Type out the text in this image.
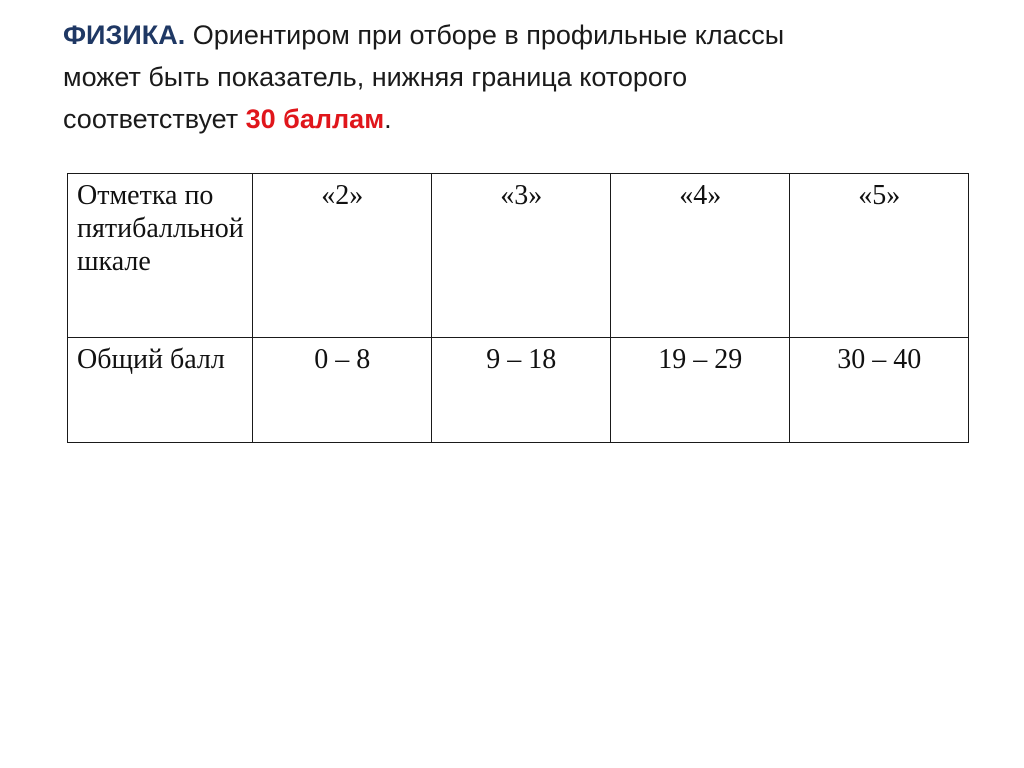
ФИЗИКА. Ориентиром при отборе в профильные классы
может быть показатель, нижняя граница которого
соответствует 30 баллам.
Отметка по пятибалльной шкале	«2»	«3»	«4»	«5»
Общий балл	0 – 8	9 – 18	19 – 29	30 – 40
